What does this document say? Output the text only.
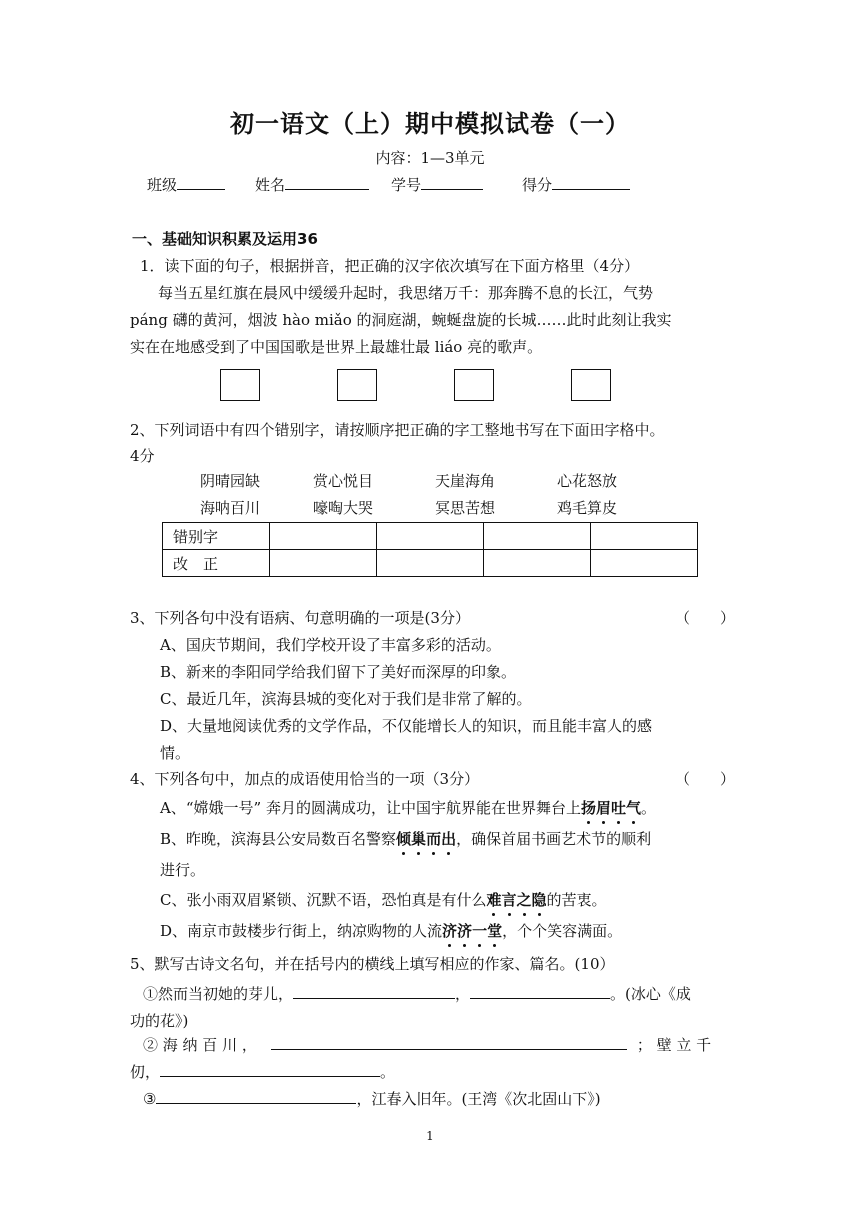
初一语文（上）期中模拟试卷（一）
内容：1—3单元
班级	姓名	学号	得分
一、基础知识积累及运用36
1．读下面的句子，根据拼音，把正确的汉字依次填写在下面方格里（4分）
每当五星红旗在晨风中缓缓升起时，我思绪万千：那奔腾不息的长江，气势
páng 礴的黄河，烟波 hào miǎo 的洞庭湖，蜿蜒盘旋的长城……此时此刻让我实
实在在地感受到了中国国歌是世界上最雄壮最 liáo 亮的歌声。
2、下列词语中有四个错别字，请按顺序把正确的字工整地书写在下面田字格中。
4分
阴晴园缺	赏心悦目	天崖海角	心花怒放
海呐百川	嚎啕大哭	冥思苦想	鸡毛算皮
错别字				
改　正				
3、下列各句中没有语病、句意明确的一项是(3分）	（　　）
A、国庆节期间，我们学校开设了丰富多彩的活动。
B、新来的李阳同学给我们留下了美好而深厚的印象。
C、最近几年，滨海县城的变化对于我们是非常了解的。
D、大量地阅读优秀的文学作品，不仅能增长人的知识，而且能丰富人的感
情。
4、下列各句中，加点的成语使用恰当的一项（3分）	（　　）
A、“嫦娥一号” 奔月的圆满成功，让中国宇航界能在世界舞台上扬眉吐气。
B、昨晚，滨海县公安局数百名警察倾巢而出，确保首届书画艺术节的顺利
进行。
C、张小雨双眉紧锁、沉默不语，恐怕真是有什么难言之隐的苦衷。
D、南京市鼓楼步行街上，纳凉购物的人流济济一堂，个个笑容满面。
5、默写古诗文名句，并在括号内的横线上填写相应的作家、篇名。(10）
①然而当初她的芽儿，	，	。(冰心《成
功的花》)
② 海 纳 百 川 ，	； 壁 立 千
仞，	。
③	，江春入旧年。(王湾《次北固山下》)
1
